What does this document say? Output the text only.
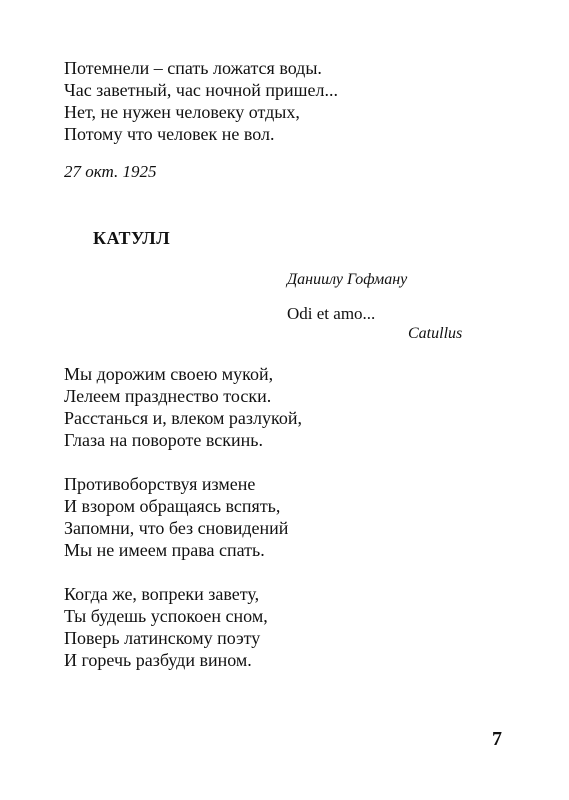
Потемнели – спать ложатся воды.
Час заветный, час ночной пришел...
Нет, не нужен человеку отдых,
Потому что человек не вол.
27 окт. 1925
КАТУЛЛ
Даниилу Гофману
Odi et amo...
Catullus
Мы дорожим своею мукой,
Лелеем празднество тоски.
Расстанься и, влеком разлукой,
Глаза на повороте вскинь.
Противоборствуя измене
И взором обращаясь вспять,
Запомни, что без сновидений
Мы не имеем права спать.
Когда же, вопреки завету,
Ты будешь успокоен сном,
Поверь латинскому поэту
И горечь разбуди вином.
7
